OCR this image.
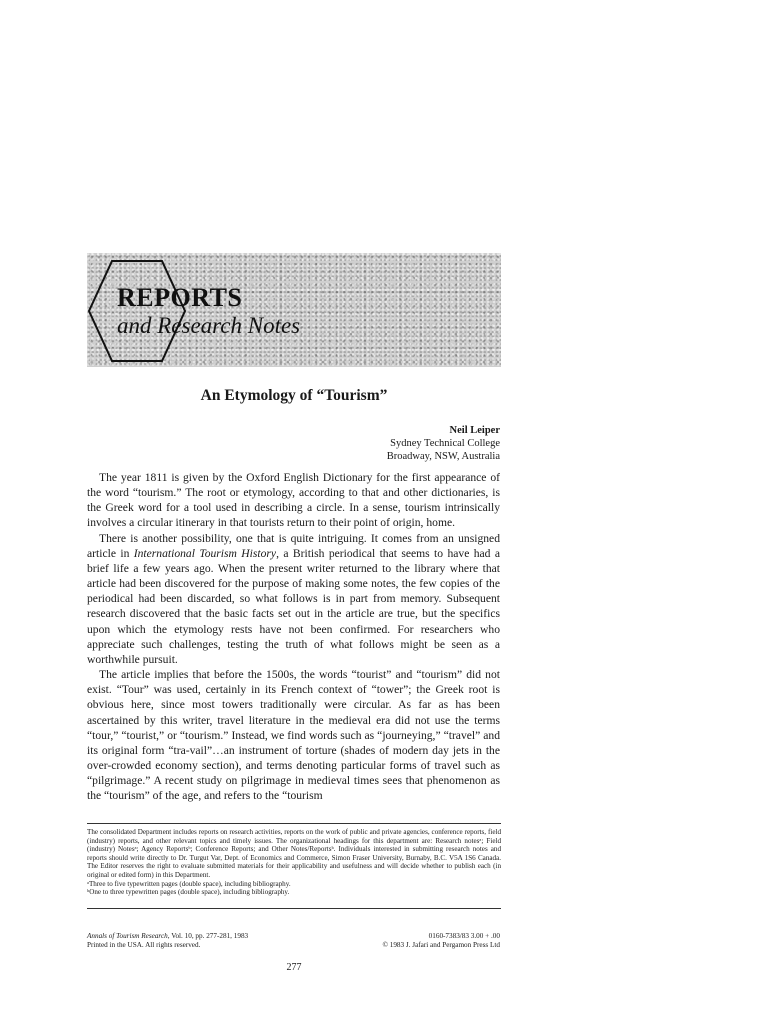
REPORTS
and Research Notes
An Etymology of “Tourism”
Neil Leiper
Sydney Technical College
Broadway, NSW, Australia

The year 1811 is given by the Oxford English Dictionary for the first appearance of the word “tourism.” The root or etymology, according to that and other dictionaries, is the Greek word for a tool used in describing a circle. In a sense, tourism intrinsically involves a circular itinerary in that tourists return to their point of origin, home.

There is another possibility, one that is quite intriguing. It comes from an unsigned article in International Tourism History, a British periodical that seems to have had a brief life a few years ago. When the present writer returned to the library where that article had been discovered for the purpose of making some notes, the few copies of the periodical had been discarded, so what follows is in part from memory. Subsequent research discovered that the basic facts set out in the article are true, but the specifics upon which the etymology rests have not been confirmed. For researchers who appreciate such challenges, testing the truth of what follows might be seen as a worthwhile pursuit.

The article implies that before the 1500s, the words “tourist” and “tourism” did not exist. “Tour” was used, certainly in its French context of “tower”; the Greek root is obvious here, since most towers traditionally were circular. As far as has been ascertained by this writer, travel literature in the medieval era did not use the terms “tour,” “tourist,” or “tourism.” Instead, we find words such as “journeying,” “travel” and its original form “tra-vail”…an instrument of torture (shades of modern day jets in the over-crowded economy section), and terms denoting particular forms of travel such as “pilgrimage.” A recent study on pilgrimage in medieval times sees that phenomenon as the “tourism” of the age, and refers to the “tourism

The consolidated Department includes reports on research activities, reports on the work of public and private agencies, conference reports, field (industry) reports, and other relevant topics and timely issues. The organizational headings for this department are: Research notesᵃ; Field (industry) Notesᵃ; Agency Reportsᵇ; Conference Reports; and Other Notes/Reportsᵇ. Individuals interested in submitting research notes and reports should write directly to Dr. Turgut Var, Dept. of Economics and Commerce, Simon Fraser University, Burnaby, B.C. V5A 1S6 Canada. The Editor reserves the right to evaluate submitted materials for their applicability and usefulness and will decide whether to publish each (in original or edited form) in this Department.

ᵃThree to five typewritten pages (double space), including bibliography.

ᵇOne to three typewritten pages (double space), including bibliography.

Annals of Tourism Research, Vol. 10, pp. 277-281, 1983
Printed in the USA. All rights reserved.
0160-7383/83 3.00 + .00
© 1983 J. Jafari and Pergamon Press Ltd
277
